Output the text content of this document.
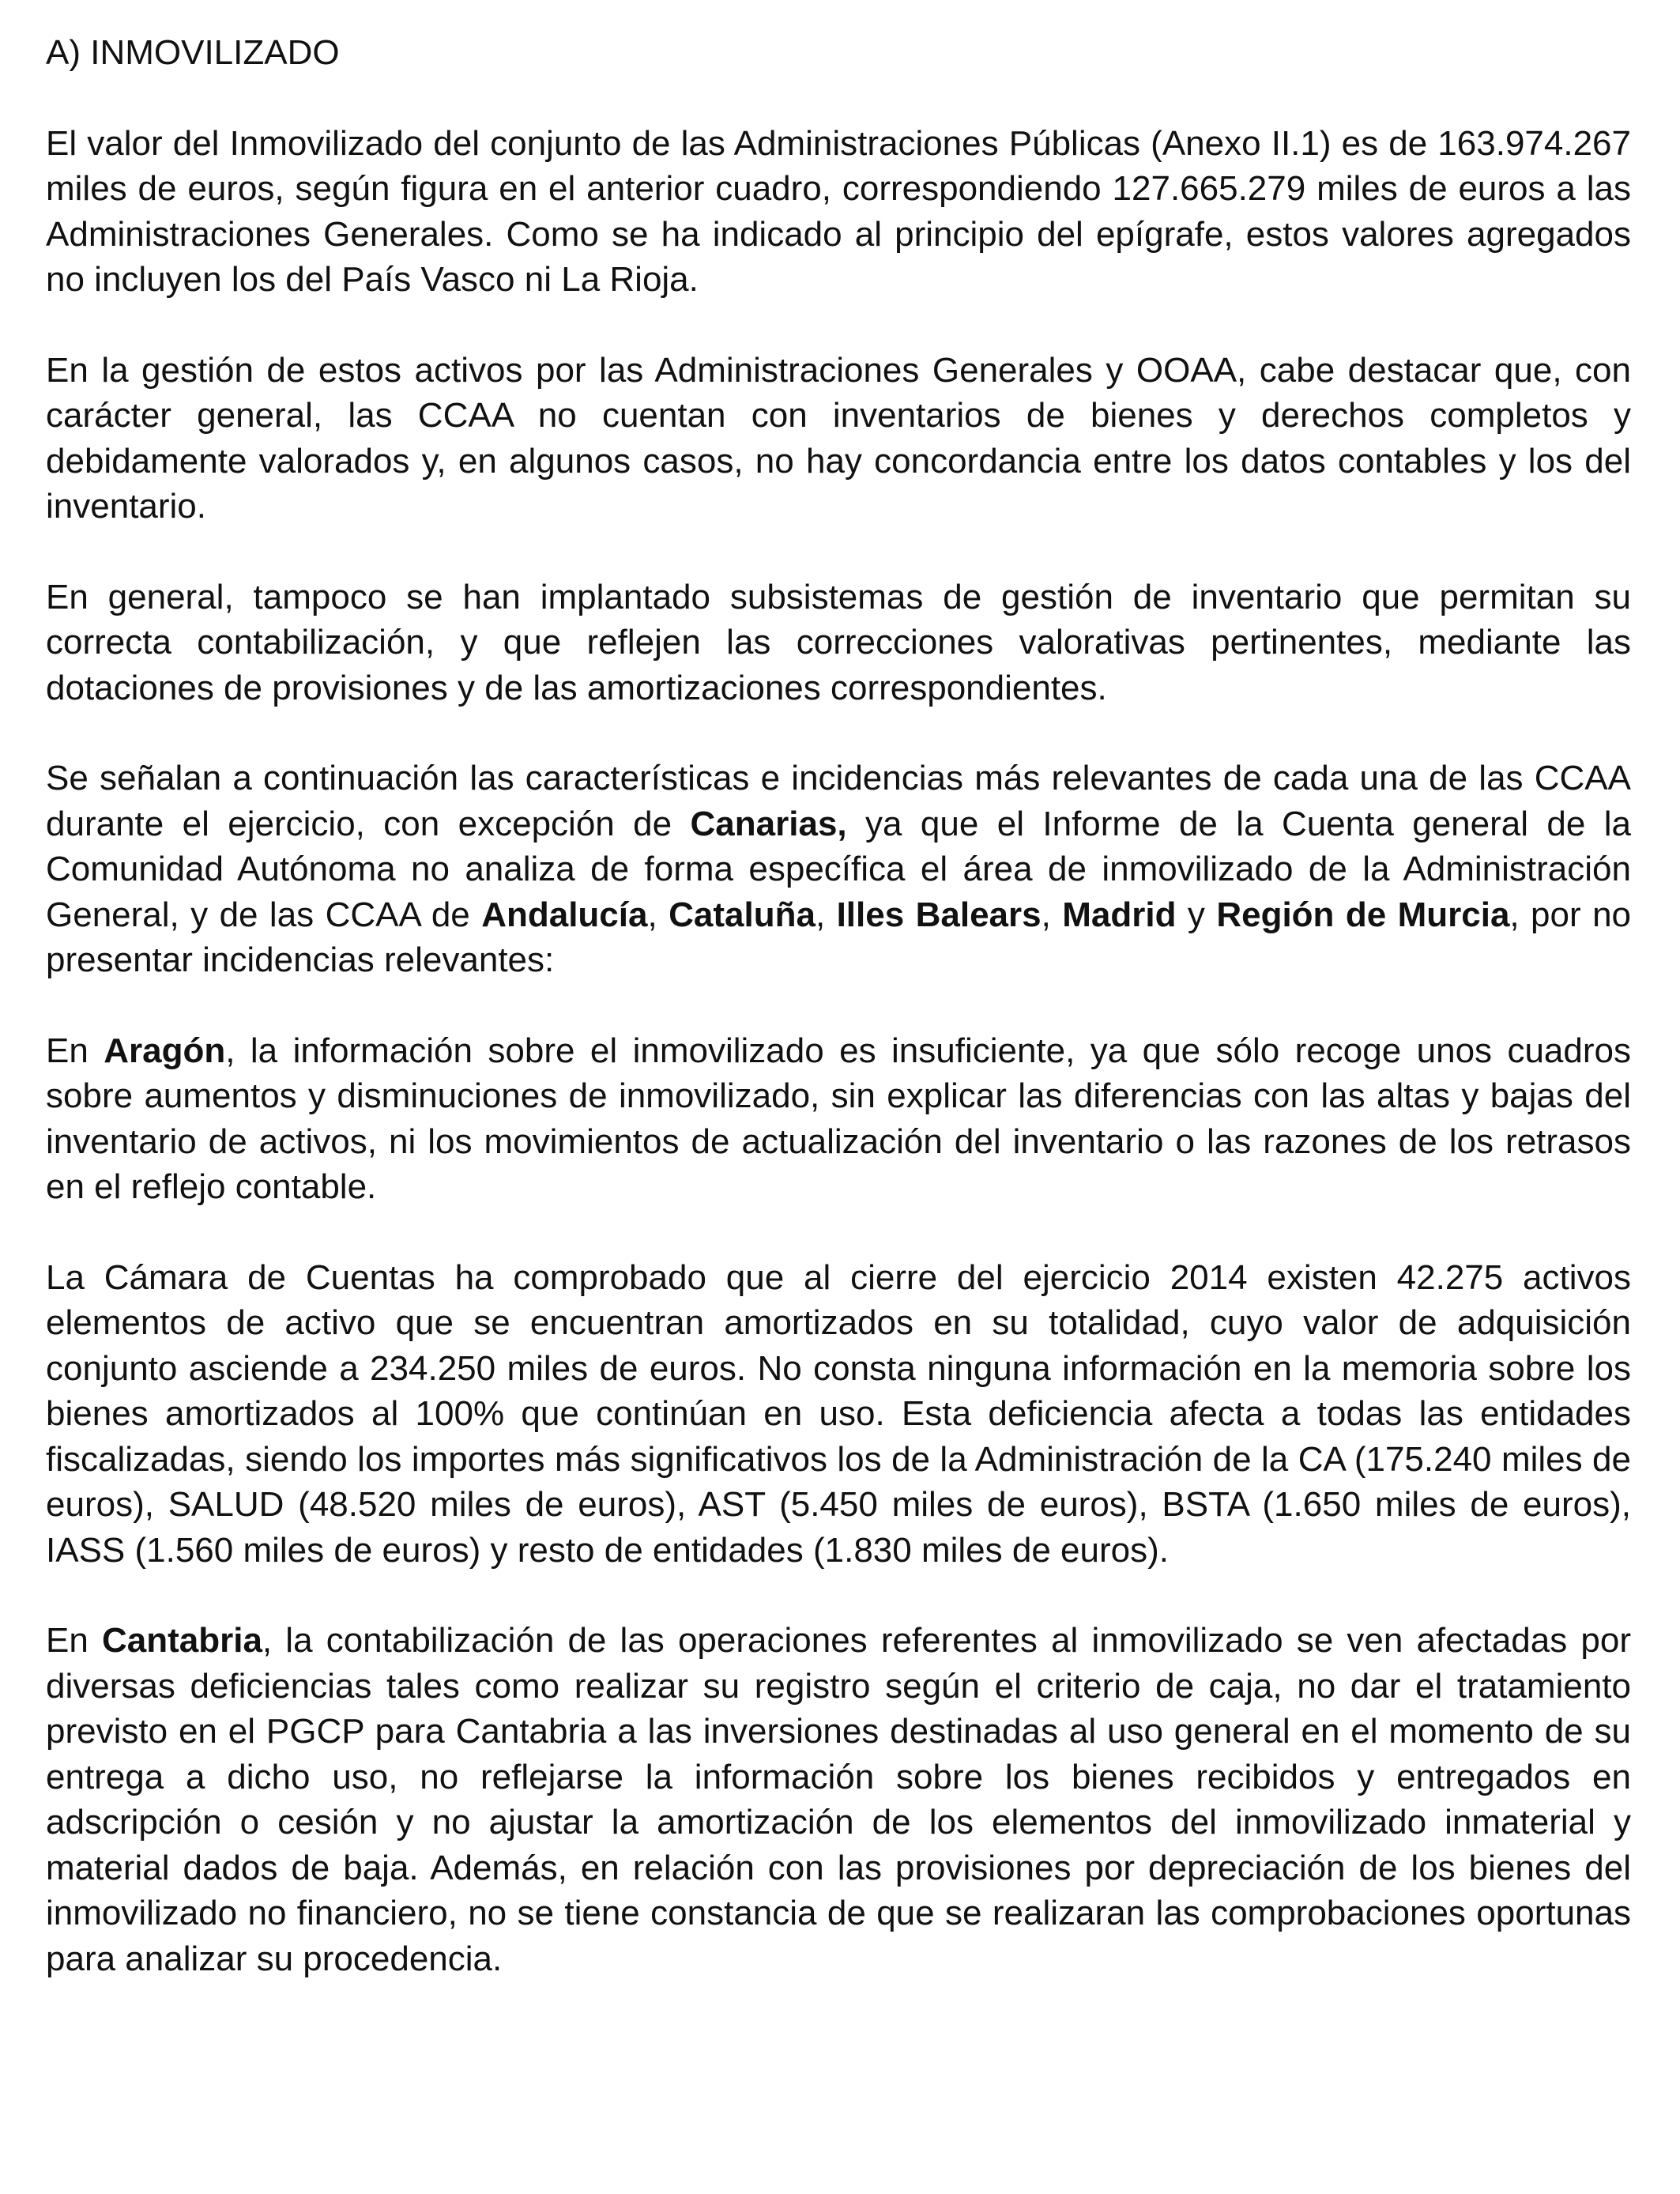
A) INMOVILIZADO

El valor del Inmovilizado del conjunto de las Administraciones Públicas (Anexo II.1) es de 163.974.267 miles de euros, según figura en el anterior cuadro, correspondiendo 127.665.279 miles de euros a las Administraciones Generales. Como se ha indicado al principio del epígrafe, estos valores agregados no incluyen los del País Vasco ni La Rioja.

En la gestión de estos activos por las Administraciones Generales y OOAA, cabe destacar que, con carácter general, las CCAA no cuentan con inventarios de bienes y derechos completos y debidamente valorados y, en algunos casos, no hay concordancia entre los datos contables y los del inventario.

En general, tampoco se han implantado subsistemas de gestión de inventario que permitan su correcta contabilización, y que reflejen las correcciones valorativas pertinentes, mediante las dotaciones de provisiones y de las amortizaciones correspondientes.

Se señalan a continuación las características e incidencias más relevantes de cada una de las CCAA durante el ejercicio, con excepción de Canarias, ya que el Informe de la Cuenta general de la Comunidad Autónoma no analiza de forma específica el área de inmovilizado de la Administración General, y de las CCAA de Andalucía, Cataluña, Illes Balears, Madrid y Región de Murcia, por no presentar incidencias relevantes:

En Aragón, la información sobre el inmovilizado es insuficiente, ya que sólo recoge unos cuadros sobre aumentos y disminuciones de inmovilizado, sin explicar las diferencias con las altas y bajas del inventario de activos, ni los movimientos de actualización del inventario o las razones de los retrasos en el reflejo contable.

La Cámara de Cuentas ha comprobado que al cierre del ejercicio 2014 existen 42.275 activos elementos de activo que se encuentran amortizados en su totalidad, cuyo valor de adquisición conjunto asciende a 234.250 miles de euros. No consta ninguna información en la memoria sobre los bienes amortizados al 100% que continúan en uso. Esta deficiencia afecta a todas las entidades fiscalizadas, siendo los importes más significativos los de la Administración de la CA (175.240 miles de euros), SALUD (48.520 miles de euros), AST (5.450 miles de euros), BSTA (1.650 miles de euros), IASS (1.560 miles de euros) y resto de entidades (1.830 miles de euros).

En Cantabria, la contabilización de las operaciones referentes al inmovilizado se ven afectadas por diversas deficiencias tales como realizar su registro según el criterio de caja, no dar el tratamiento previsto en el PGCP para Cantabria a las inversiones destinadas al uso general en el momento de su entrega a dicho uso, no reflejarse la información sobre los bienes recibidos y entregados en adscripción o cesión y no ajustar la amortización de los elementos del inmovilizado inmaterial y material dados de baja. Además, en relación con las provisiones por depreciación de los bienes del inmovilizado no financiero, no se tiene constancia de que se realizaran las comprobaciones oportunas para analizar su procedencia.
